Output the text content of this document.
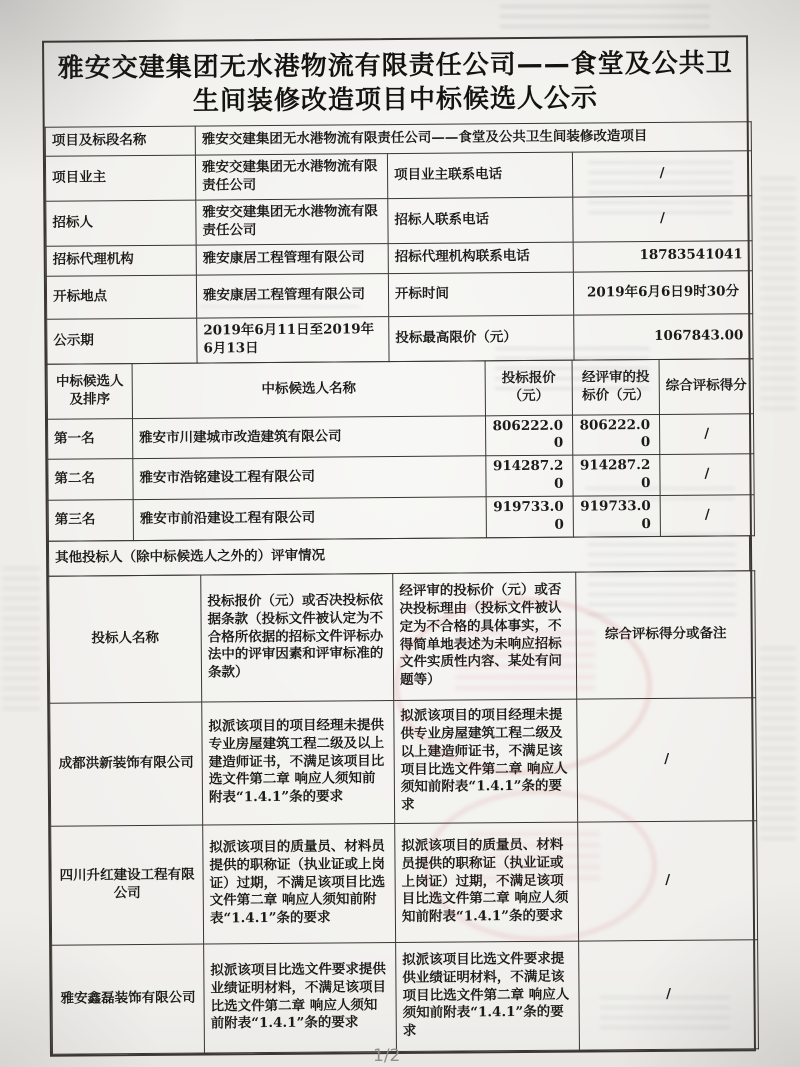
雅安交建集团无水港物流有限责任公司——食堂及公共卫生间装修改造项目中标候选人公示
项目及标段名称	雅安交建集团无水港物流有限责任公司——食堂及公共卫生间装修改造项目		
项目业主	雅安交建集团无水港物流有限责任公司	项目业主联系电话	/
招标人	雅安交建集团无水港物流有限责任公司	招标人联系电话	/
招标代理机构	雅安康居工程管理有限公司	招标代理机构联系电话	18783541041
开标地点	雅安康居工程管理有限公司	开标时间	2019年6月6日9时30分
公示期	2019年6月11日至2019年6月13日	投标最高限价（元）	1067843.00
中标候选人及排序	中标候选人名称	投标报价（元）	经评审的投标价（元）	综合评标得分
第一名	雅安市川建城市改造建筑有限公司	806222.00	806222.00	/
第二名	雅安市浩铭建设工程有限公司	914287.20	914287.20	/
第三名	雅安市前沿建设工程有限公司	919733.00	919733.00	/
其他投标人（除中标候选人之外的）评审情况
投标人名称	投标报价（元）或否决投标依据条款（投标文件被认定为不合格所依据的招标文件评标办法中的评审因素和评审标准的条款）	经评审的投标价（元）或否决投标理由（投标文件被认定为不合格的具体事实，不得简单地表述为未响应招标文件实质性内容、某处有问题等）	综合评标得分或备注
成都洪新装饰有限公司	拟派该项目的项目经理未提供专业房屋建筑工程二级及以上建造师证书，不满足该项目比选文件第二章 响应人须知前附表“1.4.1”条的要求	拟派该项目的项目经理未提供专业房屋建筑工程二级及以上建造师证书，不满足该项目比选文件第二章 响应人须知前附表“1.4.1”条的要求	/
四川升红建设工程有限公司	拟派该项目的质量员、材料员提供的职称证（执业证或上岗证）过期，不满足该项目比选文件第二章 响应人须知前附表“1.4.1”条的要求	拟派该项目的质量员、材料员提供的职称证（执业证或上岗证）过期，不满足该项目比选文件第二章 响应人须知前附表“1.4.1”条的要求	/
雅安鑫磊装饰有限公司	拟派该项目比选文件要求提供业绩证明材料，不满足该项目比选文件第二章 响应人须知前附表“1.4.1”条的要求	拟派该项目比选文件要求提供业绩证明材料，不满足该项目比选文件第二章 响应人须知前附表“1.4.1”条的要求	/
1/2
